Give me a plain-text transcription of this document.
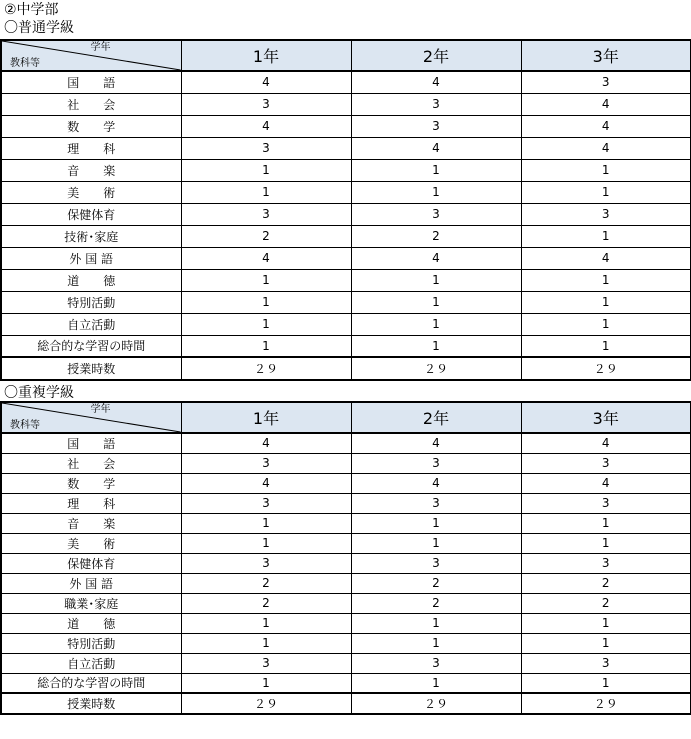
②中学部
〇普通学級
学年
教科等	1年	2年	3年
国　　語	4	4	3
社　　会	3	3	4
数　　学	4	3	4
理　　科	3	4	4
音　　楽	1	1	1
美　　術	1	1	1
保健体育	3	3	3
技術･家庭	2	2	1
外 国 語	4	4	4
道　　徳	1	1	1
特別活動	1	1	1
自立活動	1	1	1
総合的な学習の時間	1	1	1
授業時数	２９	２９	２９
〇重複学級
学年
教科等	1年	2年	3年
国　　語	4	4	4
社　　会	3	3	3
数　　学	4	4	4
理　　科	3	3	3
音　　楽	1	1	1
美　　術	1	1	1
保健体育	3	3	3
外 国 語	2	2	2
職業･家庭	2	2	2
道　　徳	1	1	1
特別活動	1	1	1
自立活動	3	3	3
総合的な学習の時間	1	1	1
授業時数	２９	２９	２９
